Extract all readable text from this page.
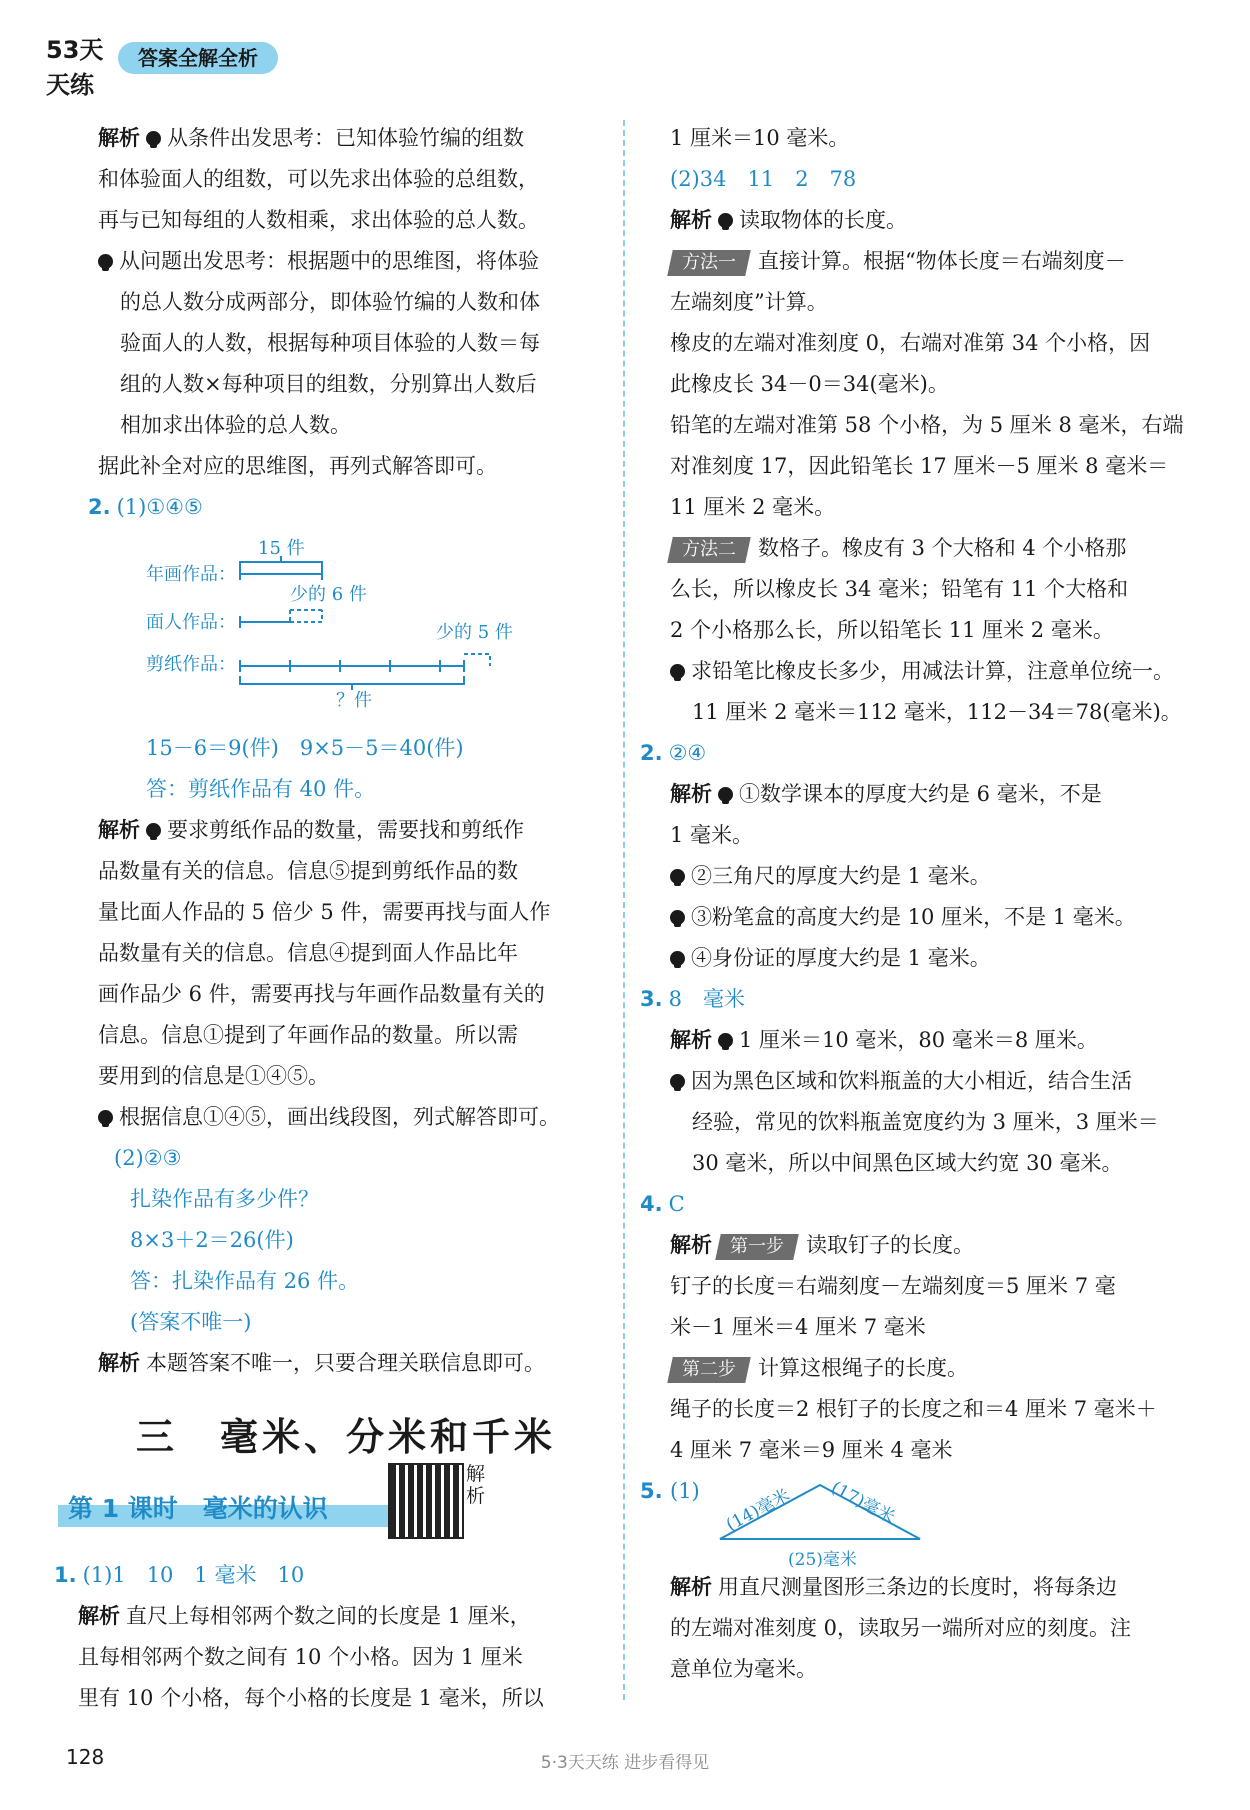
53天天练
答案全解全析

解析 从条件出发思考：已知体验竹编的组数

和体验面人的组数，可以先求出体验的总组数，

再与已知每组的人数相乘，求出体验的总人数。

从问题出发思考：根据题中的思维图，将体验

的总人数分成两部分，即体验竹编的人数和体

验面人的人数，根据每种项目体验的人数＝每

组的人数×每种项目的组数，分别算出人数后

相加求出体验的总人数。

据此补全对应的思维图，再列式解答即可。

2. (1)①④⑤

年画作品：
面人作品：
剪纸作品：
15 件
少的 6 件
少的 5 件
？件

15－6＝9(件)　9×5－5＝40(件)

答：剪纸作品有 40 件。

解析 要求剪纸作品的数量，需要找和剪纸作

品数量有关的信息。信息⑤提到剪纸作品的数

量比面人作品的 5 倍少 5 件，需要再找与面人作

品数量有关的信息。信息④提到面人作品比年

画作品少 6 件，需要再找与年画作品数量有关的

信息。信息①提到了年画作品的数量。所以需

要用到的信息是①④⑤。

根据信息①④⑤，画出线段图，列式解答即可。

(2)②③

扎染作品有多少件？

8×3＋2＝26(件)

答：扎染作品有 26 件。

(答案不唯一)

解析 本题答案不唯一，只要合理关联信息即可。

三　毫米、分米和千米
第 1 课时　毫米的认识
解析

1. (1)1　10　1 毫米　10

解析 直尺上每相邻两个数之间的长度是 1 厘米，

且每相邻两个数之间有 10 个小格。因为 1 厘米

里有 10 个小格，每个小格的长度是 1 毫米，所以

1 厘米＝10 毫米。

(2)34　11　2　78

解析 读取物体的长度。

方法一 直接计算。根据“物体长度＝右端刻度－

左端刻度”计算。

橡皮的左端对准刻度 0，右端对准第 34 个小格，因

此橡皮长 34－0＝34(毫米)。

铅笔的左端对准第 58 个小格，为 5 厘米 8 毫米，右端

对准刻度 17，因此铅笔长 17 厘米－5 厘米 8 毫米＝

11 厘米 2 毫米。

方法二 数格子。橡皮有 3 个大格和 4 个小格那

么长，所以橡皮长 34 毫米；铅笔有 11 个大格和

2 个小格那么长，所以铅笔长 11 厘米 2 毫米。

求铅笔比橡皮长多少，用减法计算，注意单位统一。

11 厘米 2 毫米＝112 毫米，112－34＝78(毫米)。

2. ②④

解析 ①数学课本的厚度大约是 6 毫米，不是

1 毫米。

②三角尺的厚度大约是 1 毫米。

③粉笔盒的高度大约是 10 厘米，不是 1 毫米。

④身份证的厚度大约是 1 毫米。

3. 8　毫米

解析 1 厘米＝10 毫米，80 毫米＝8 厘米。

因为黑色区域和饮料瓶盖的大小相近，结合生活

经验，常见的饮料瓶盖宽度约为 3 厘米，3 厘米＝

30 毫米，所以中间黑色区域大约宽 30 毫米。

4. C

解析 第一步 读取钉子的长度。

钉子的长度＝右端刻度－左端刻度＝5 厘米 7 毫

米－1 厘米＝4 厘米 7 毫米

第二步 计算这根绳子的长度。

绳子的长度＝2 根钉子的长度之和＝4 厘米 7 毫米＋

4 厘米 7 毫米＝9 厘米 4 毫米

5. (1) (14)毫米 (17)毫米
(25)毫米

解析 用直尺测量图形三条边的长度时，将每条边

的左端对准刻度 0，读取另一端所对应的刻度。注

意单位为毫米。

128	5·3天天练 进步看得见
